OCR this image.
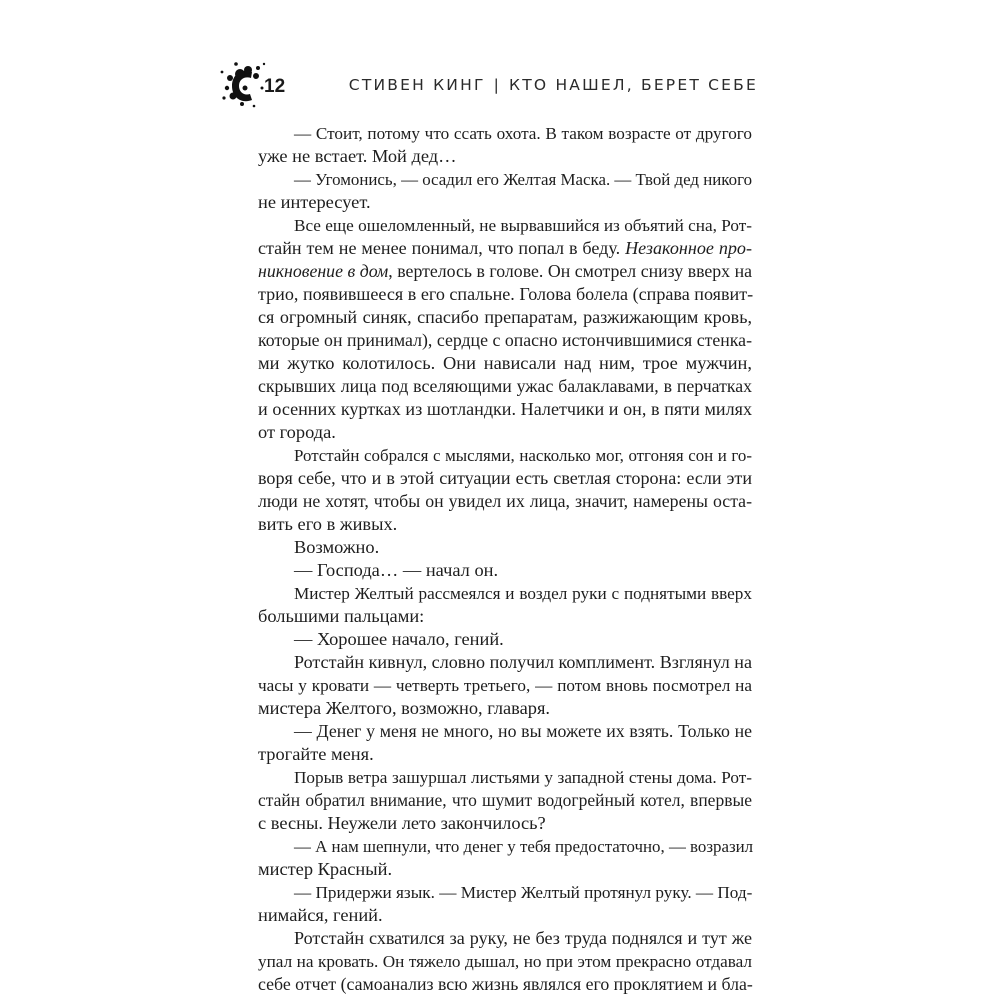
12	СТИВЕН КИНГ | КТО НАШЕЛ, БЕРЕТ СЕБЕ
— Стоит, потому что ссать охота. В таком возрасте от другого
уже не встает. Мой дед…
— Угомонись, — осадил его Желтая Маска. — Твой дед никого
не интересует.
Все еще ошеломленный, не вырвавшийся из объятий сна, Рот-
стайн тем не менее понимал, что попал в беду. Незаконное про-
никновение в дом, вертелось в голове. Он смотрел снизу вверх на
трио, появившееся в его спальне. Голова болела (справа появит-
ся огромный синяк, спасибо препаратам, разжижающим кровь,
которые он принимал), сердце с опасно истончившимися стенка-
ми жутко колотилось. Они нависали над ним, трое мужчин,
скрывших лица под вселяющими ужас балаклавами, в перчатках
и осенних куртках из шотландки. Налетчики и он, в пяти милях
от города.
Ротстайн собрался с мыслями, насколько мог, отгоняя сон и го-
воря себе, что и в этой ситуации есть светлая сторона: если эти
люди не хотят, чтобы он увидел их лица, значит, намерены оста-
вить его в живых.
Возможно.
— Господа… — начал он.
Мистер Желтый рассмеялся и воздел руки с поднятыми вверх
большими пальцами:
— Хорошее начало, гений.
Ротстайн кивнул, словно получил комплимент. Взглянул на
часы у кровати — четверть третьего, — потом вновь посмотрел на
мистера Желтого, возможно, главаря.
— Денег у меня не много, но вы можете их взять. Только не
трогайте меня.
Порыв ветра зашуршал листьями у западной стены дома. Рот-
стайн обратил внимание, что шумит водогрейный котел, впервые
с весны. Неужели лето закончилось?
— А нам шепнули, что денег у тебя предостаточно, — возразил
мистер Красный.
— Придержи язык. — Мистер Желтый протянул руку. — Под-
нимайся, гений.
Ротстайн схватился за руку, не без труда поднялся и тут же
упал на кровать. Он тяжело дышал, но при этом прекрасно отдавал
себе отчет (самоанализ всю жизнь являлся его проклятием и бла-
